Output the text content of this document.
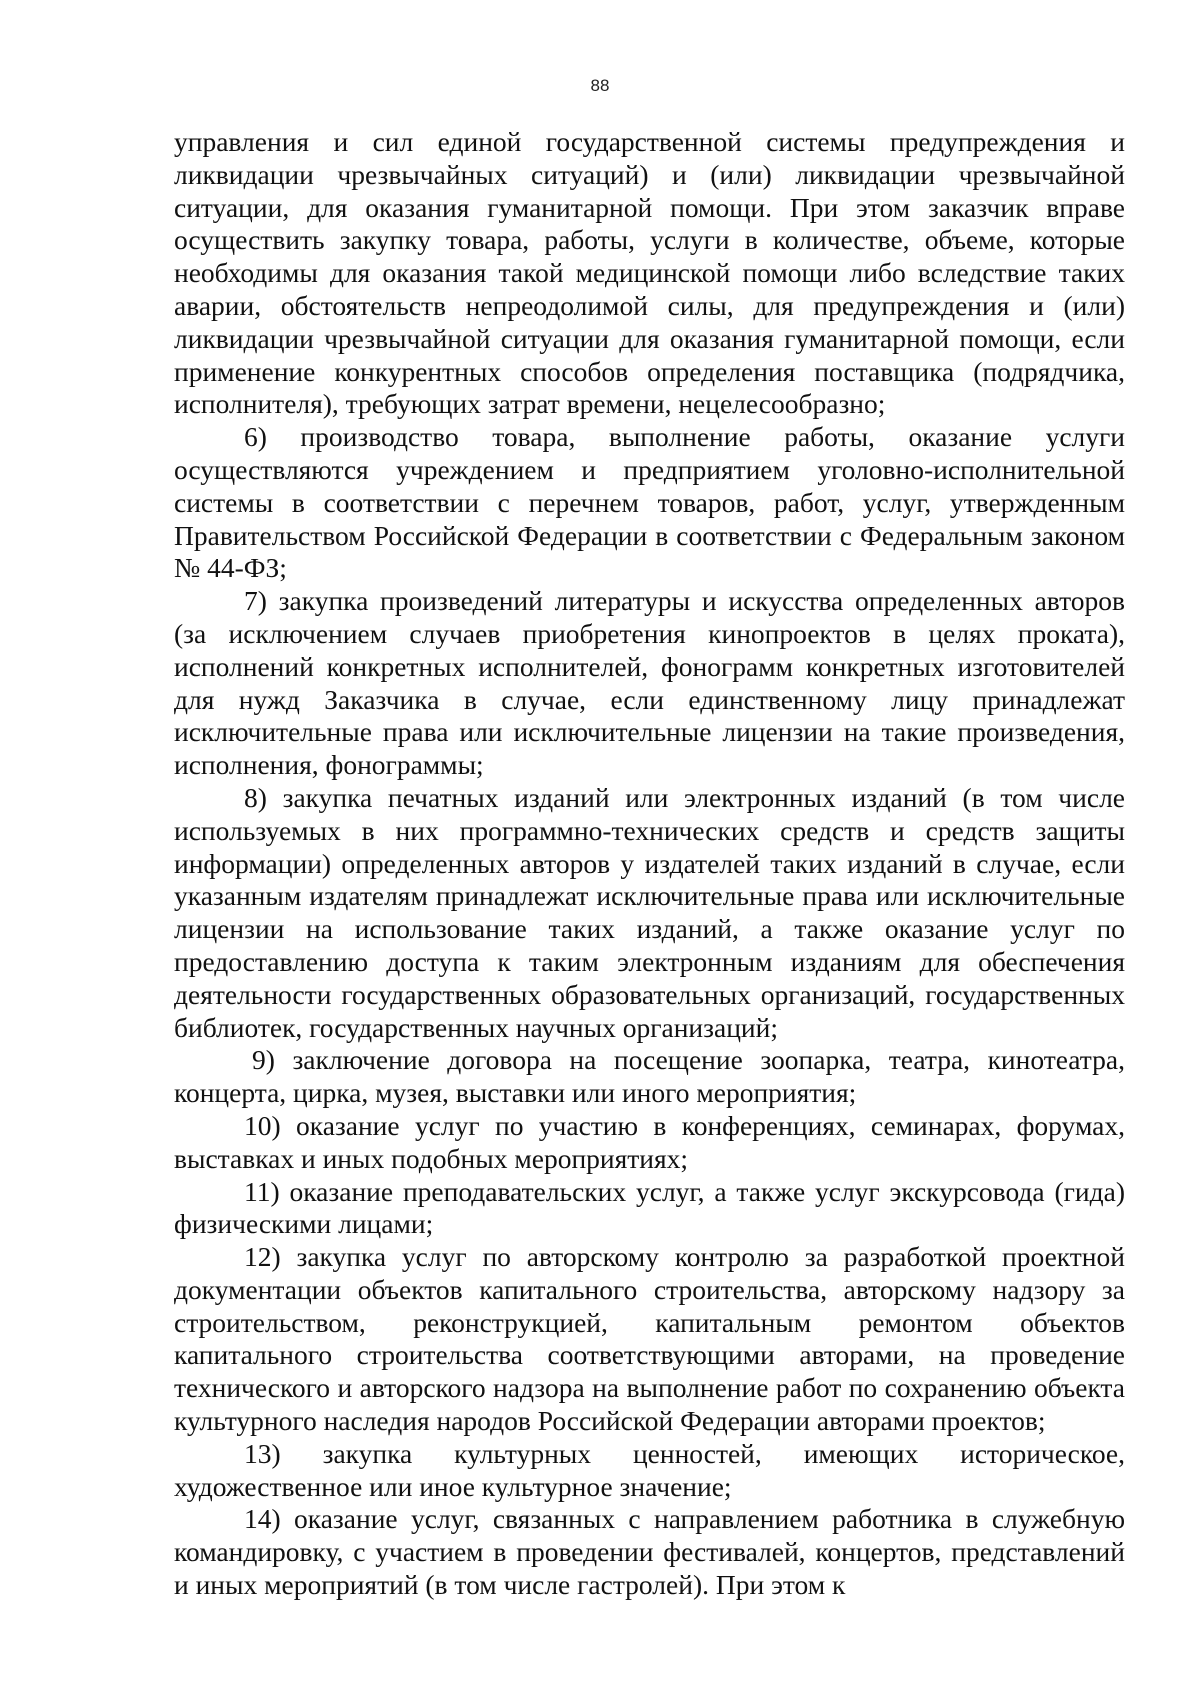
88

управления и сил единой государственной системы предупреждения и ликвидации чрезвычайных ситуаций) и (или) ликвидации чрезвычайной ситуации, для оказания гуманитарной помощи. При этом заказчик вправе осуществить закупку товара, работы, услуги в количестве, объеме, которые необходимы для оказания такой медицинской помощи либо вследствие таких аварии, обстоятельств непреодолимой силы, для предупреждения и (или) ликвидации чрезвычайной ситуации для оказания гуманитарной помощи, если применение конкурентных способов определения поставщика (подрядчика, исполнителя), требующих затрат времени, нецелесообразно;

6) производство товара, выполнение работы, оказание услуги осуществляются учреждением и предприятием уголовно-исполнительной системы в соответствии с перечнем товаров, работ, услуг, утвержденным Правительством Российской Федерации в соответствии с Федеральным законом № 44-ФЗ;

7) закупка произведений литературы и искусства определенных авторов (за исключением случаев приобретения кинопроектов в целях проката), исполнений конкретных исполнителей, фонограмм конкретных изготовителей для нужд Заказчика в случае, если единственному лицу принадлежат исключительные права или исключительные лицензии на такие произведения, исполнения, фонограммы;

8) закупка печатных изданий или электронных изданий (в том числе используемых в них программно-технических средств и средств защиты информации) определенных авторов у издателей таких изданий в случае, если указанным издателям принадлежат исключительные права или исключительные лицензии на использование таких изданий, а также оказание услуг по предоставлению доступа к таким электронным изданиям для обеспечения деятельности государственных образовательных организаций, государственных библиотек, государственных научных организаций;

9) заключение договора на посещение зоопарка, театра, кинотеатра, концерта, цирка, музея, выставки или иного мероприятия;

10) оказание услуг по участию в конференциях, семинарах, форумах, выставках и иных подобных мероприятиях;

11) оказание преподавательских услуг, а также услуг экскурсовода (гида) физическими лицами;

12) закупка услуг по авторскому контролю за разработкой проектной документации объектов капитального строительства, авторскому надзору за строительством, реконструкцией, капитальным ремонтом объектов капитального строительства соответствующими авторами, на проведение технического и авторского надзора на выполнение работ по сохранению объекта культурного наследия народов Российской Федерации авторами проектов;

13) закупка культурных ценностей, имеющих историческое, художественное или иное культурное значение;

14) оказание услуг, связанных с направлением работника в служебную командировку, с участием в проведении фестивалей, концертов, представлений и иных мероприятий (в том числе гастролей). При этом к
